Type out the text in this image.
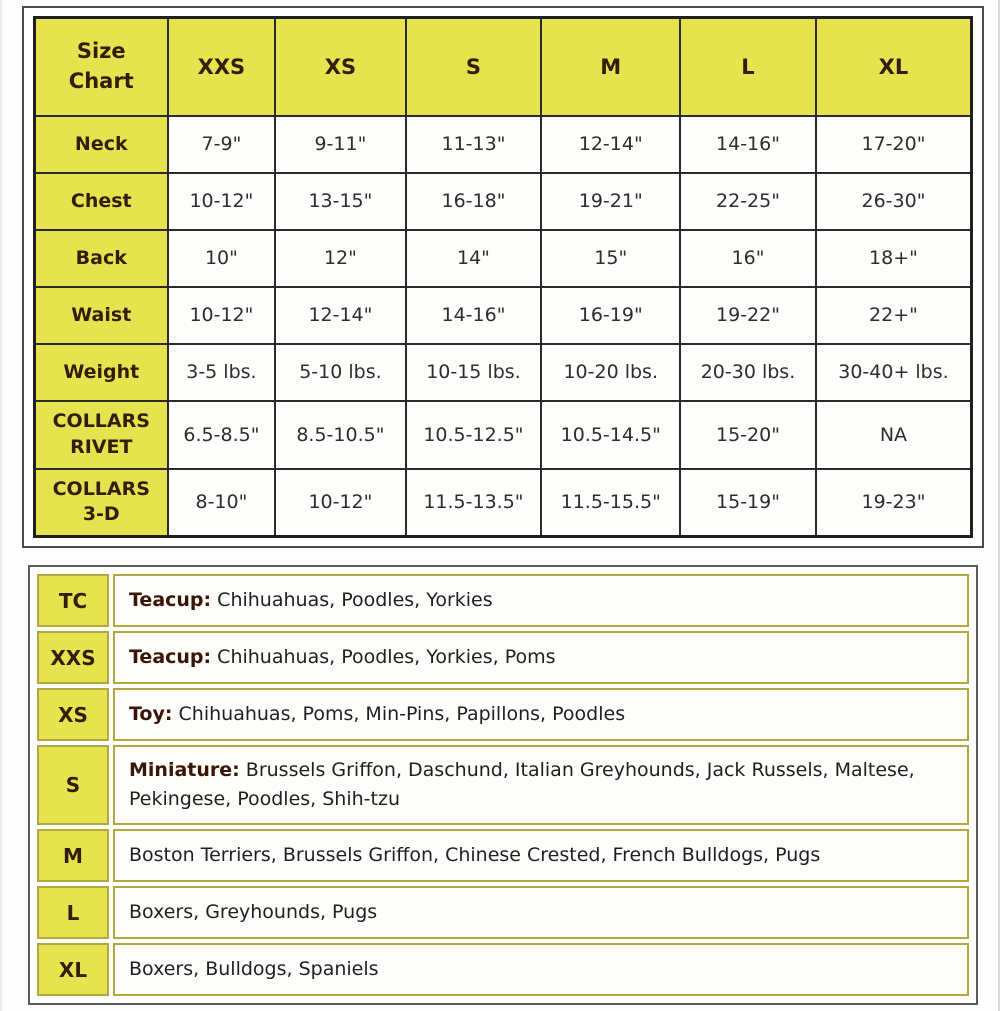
Size Chart	XXS	XS	S	M	L	XL
Neck	7-9"	9-11"	11-13"	12-14"	14-16"	17-20"
Chest	10-12"	13-15"	16-18"	19-21"	22-25"	26-30"
Back	10"	12"	14"	15"	16"	18+"
Waist	10-12"	12-14"	14-16"	16-19"	19-22"	22+"
Weight	3-5 lbs.	5-10 lbs.	10-15 lbs.	10-20 lbs.	20-30 lbs.	30-40+ lbs.
COLLARS RIVET	6.5-8.5"	8.5-10.5"	10.5-12.5"	10.5-14.5"	15-20"	NA
COLLARS 3-D	8-10"	10-12"	11.5-13.5"	11.5-15.5"	15-19"	19-23"
TC	Teacup: Chihuahuas, Poodles, Yorkies
XXS	Teacup: Chihuahuas, Poodles, Yorkies, Poms
XS	Toy: Chihuahuas, Poms, Min-Pins, Papillons, Poodles
S	Miniature: Brussels Griffon, Daschund, Italian Greyhounds, Jack Russels, Maltese, Pekingese, Poodles, Shih-tzu
M	Boston Terriers, Brussels Griffon, Chinese Crested, French Bulldogs, Pugs
L	Boxers, Greyhounds, Pugs
XL	Boxers, Bulldogs, Spaniels
